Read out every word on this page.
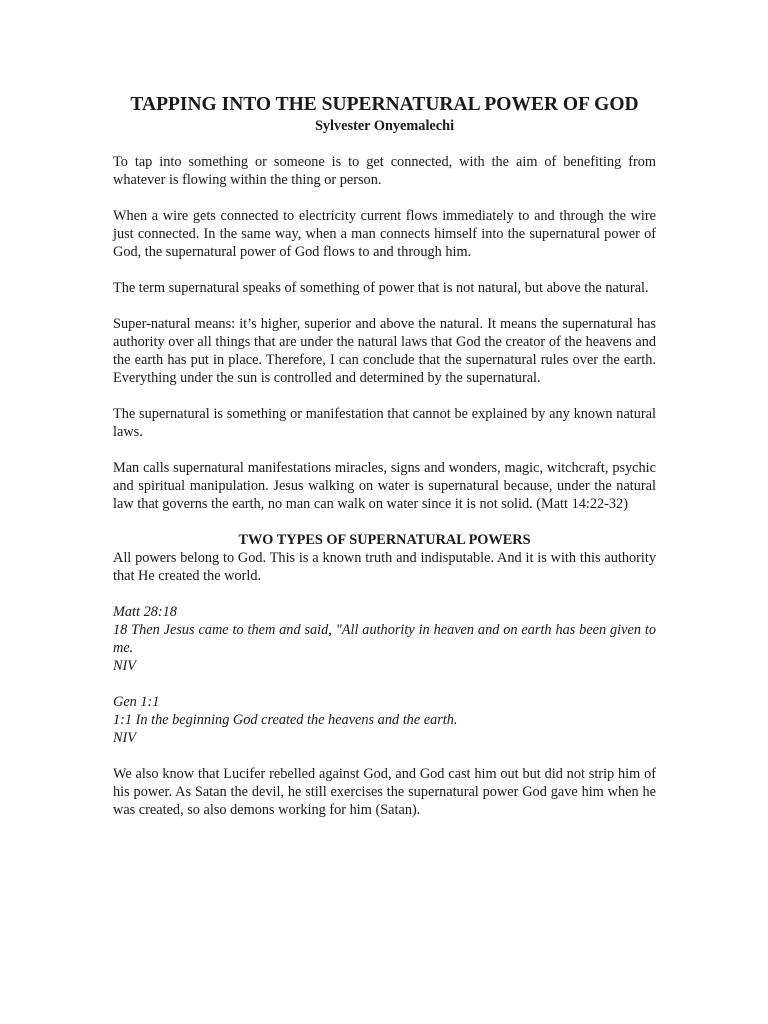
TAPPING INTO THE SUPERNATURAL POWER OF GOD
Sylvester Onyemalechi

To tap into something or someone is to get connected, with the aim of benefiting from whatever is flowing within the thing or person.

When a wire gets connected to electricity current flows immediately to and through the wire just connected. In the same way, when a man connects himself into the supernatural power of God, the supernatural power of God flows to and through him.

The term supernatural speaks of something of power that is not natural, but above the natural.

Super-natural means: it’s higher, superior and above the natural. It means the supernatural has authority over all things that are under the natural laws that God the creator of the heavens and the earth has put in place. Therefore, I can conclude that the supernatural rules over the earth. Everything under the sun is controlled and determined by the supernatural.

The supernatural is something or manifestation that cannot be explained by any known natural laws.

Man calls supernatural manifestations miracles, signs and wonders, magic, witchcraft, psychic and spiritual manipulation. Jesus walking on water is supernatural because, under the natural law that governs the earth, no man can walk on water since it is not solid. (Matt 14:22-32)

TWO TYPES OF SUPERNATURAL POWERS

All powers belong to God. This is a known truth and indisputable. And it is with this authority that He created the world.

Matt 28:18
18 Then Jesus came to them and said, "All authority in heaven and on earth has been given to me.
NIV
Gen 1:1
1:1 In the beginning God created the heavens and the earth.
NIV

We also know that Lucifer rebelled against God, and God cast him out but did not strip him of his power. As Satan the devil, he still exercises the supernatural power God gave him when he was created, so also demons working for him (Satan).
